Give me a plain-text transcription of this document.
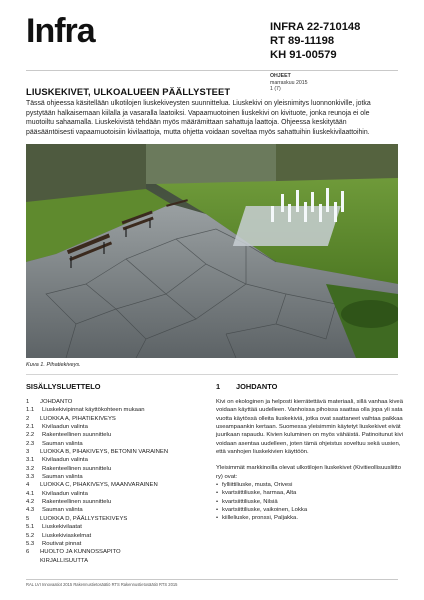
Infra	INFRA 22-710148
RT 89-11198
KH 91-00579
OHJEET
marraskuu 2015
1 (7)
LIUSKEKIVET, ULKOALUEEN PÄÄLLYSTEET
Tässä ohjeessa käsitellään ulkotilojen liuskekiveysten suunnittelua. Liuskekivi on yleisnimitys luonnonkiville, jotka pystytään halkaisemaan kiilalla ja vasaralla laatoiksi. Vapaamuotoinen liuskekivi on kivituote, jonka reunoja ei ole muotoiltu sahaamalla. Liuskekivistä tehdään myös määrämittaan sahattuja laattoja. Ohjeessa keskitytään pääsääntöisesti vapaamuotoisiin kivilaattoja, mutta ohjetta voidaan soveltaa myös sahattuihin liuskekivilaattoihin.
Kuva 1. Pihatiekiveys.
SISÄLLYSLUETTELO
1 JOHDANTO
1.1 Liuskekivipinnat käyttökohteen mukaan
2 LUOKKA A, PIHATIEKIVEYS
2.1 Kivilaadun valinta
2.2 Rakenteellinen suunnittelu
2.3 Sauman valinta
3 LUOKKA B, PIHAKIVEYS, BETONIN VARAINEN
3.1 Kivilaadun valinta
3.2 Rakenteellinen suunnittelu
3.3 Sauman valinta
4 LUOKKA C, PIHAKIVEYS, MAANVARAINEN
4.1 Kivilaadun valinta
4.2 Rakenteellinen suunnittelu
4.3 Sauman valinta
5 LUOKKA D, PÄÄLLYSTEKIVEYS
5.1 Liuskekivilaatat
5.2 Liuskekiviaskelmat
5.3 Routivat pinnat
6 HUOLTO JA KUNNOSSAPITO
KIRJALLISUUTTA
1 JOHDANTO

Kivi on ekologinen ja helposti kierrätettävä materiaali, sillä vanhaa kiveä voidaan käyttää uudelleen. Vanhoissa pihoissa saattaa olla jopa yli sata vuotta käytössä olleita liuskekiviä, jotka ovat saattaneet vaihtaa paikkaa useampaankin kertaan. Suomessa yleisimmin käytetyt liuskekivet eivät juurikaan rapaudu. Kivien kuluminen on myös vähäistä. Patinoitunut kivi voidaan asentaa uudelleen, joten tämä ohjeistus soveltuu sekä uusien, että vanhojen liuskekivien käyttöön.

Yleisimmät markkinoilla olevat ulkotilojen liuskekivet (Kivitieollisuusliitto ry) ovat:
• fylliittiliuske, musta, Orivesi
• kvartsiittiliuske, harmaa, Alta
• kvartsiittiliuske, Nilsiä
• kvartsiittiliuske, vaikoinen, Lokka
• kiilleliuske, pronssi, Paljakka.
RAL LVI Innovaatiot 2015 Rakennustietosäätiö RTS Rakennustietosäätiö RTS 2015
